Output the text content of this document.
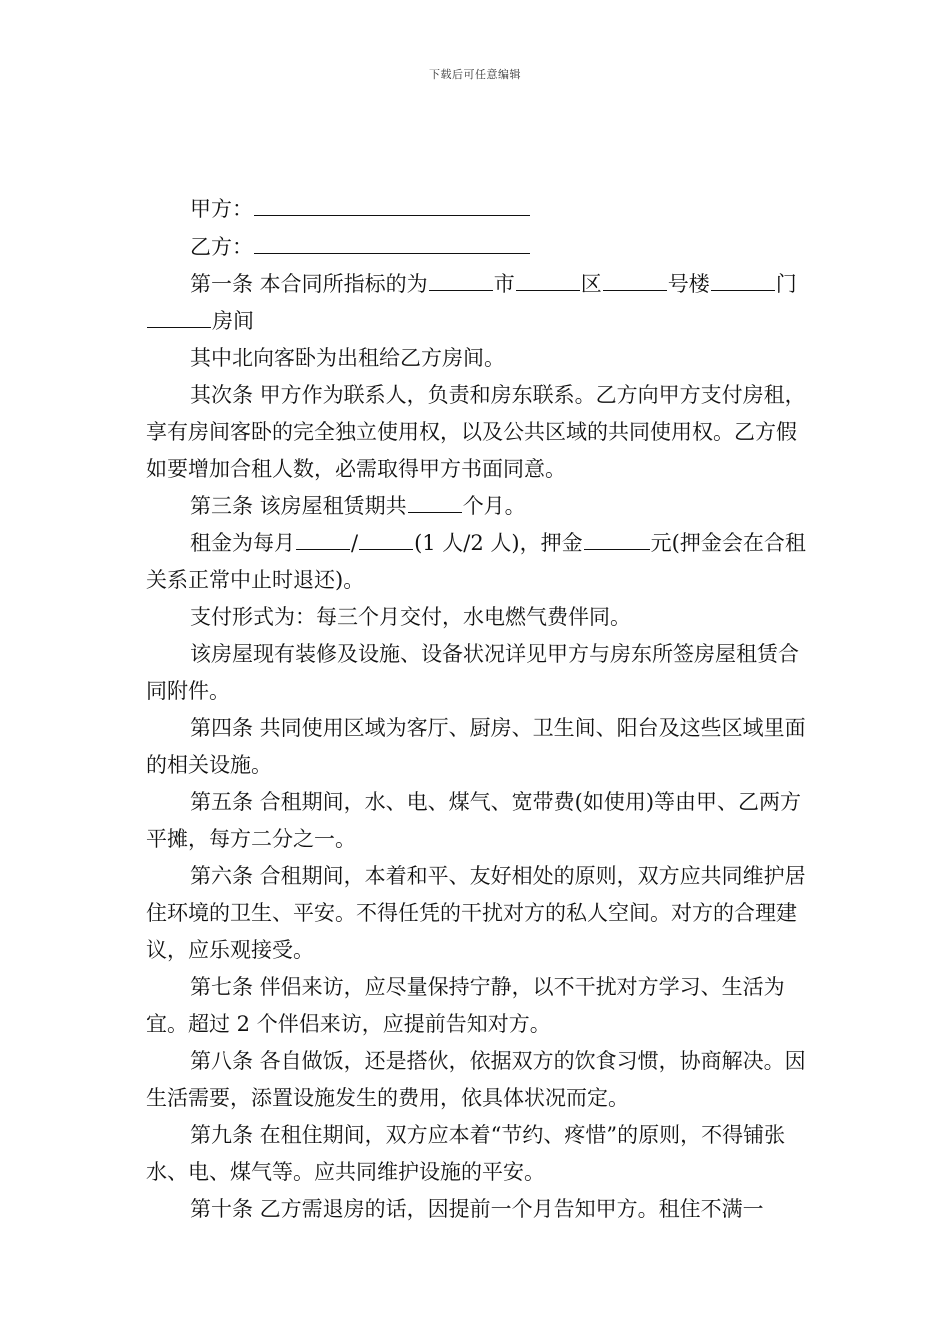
下载后可任意编辑

甲方：

乙方：

第一条 本合同所指标的为	市	区	号楼	门房间

其中北向客卧为出租给乙方房间。

其次条 甲方作为联系人，负责和房东联系。乙方向甲方支付房租，享有房间客卧的完全独立使用权，以及公共区域的共同使用权。乙方假如要增加合租人数，必需取得甲方书面同意。

第三条 该房屋租赁期共	个月。

租金为每月	/	(1 人/2 人)，押金	元(押金会在合租关系正常中止时退还)。

支付形式为：每三个月交付，水电燃气费伴同。

该房屋现有装修及设施、设备状况详见甲方与房东所签房屋租赁合同附件。

第四条 共同使用区域为客厅、厨房、卫生间、阳台及这些区域里面的相关设施。

第五条 合租期间，水、电、煤气、宽带费(如使用)等由甲、乙两方平摊，每方二分之一。

第六条 合租期间，本着和平、友好相处的原则，双方应共同维护居住环境的卫生、平安。不得任凭的干扰对方的私人空间。对方的合理建议，应乐观接受。

第七条 伴侣来访，应尽量保持宁静，以不干扰对方学习、生活为宜。超过 2 个伴侣来访，应提前告知对方。

第八条 各自做饭，还是搭伙，依据双方的饮食习惯，协商解决。因生活需要，添置设施发生的费用，依具体状况而定。

第九条 在租住期间，双方应本着“节约、疼惜”的原则，不得铺张水、电、煤气等。应共同维护设施的平安。

第十条 乙方需退房的话，因提前一个月告知甲方。租住不满一
